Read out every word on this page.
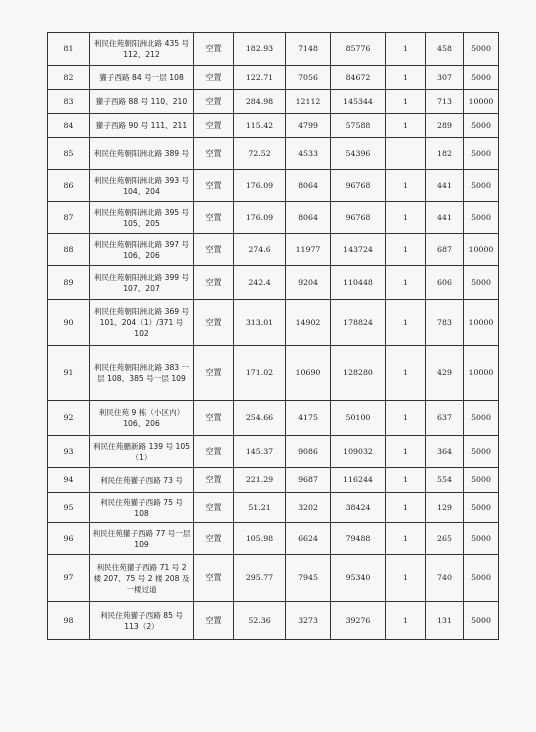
81	利民住苑朝阳洲北路 435 号 112、212	空置	182.93	7148	85776	1	458	5000
82	獾子西路 84 号一层 108	空置	122.71	7056	84672	1	307	5000
83	獾子西路 88 号 110、210	空置	284.98	12112	145344	1	713	10000
84	獾子西路 90 号 111、211	空置	115.42	4799	57588	1	289	5000
85	利民住苑朝阳洲北路 389 号	空置	72.52	4533	54396		182	5000
86	利民住苑朝阳洲北路 393 号 104、204	空置	176.09	8064	96768	1	441	5000
87	利民住苑朝阳洲北路 395 号 105、205	空置	176.09	8064	96768	1	441	5000
88	利民住苑朝阳洲北路 397 号 106、206	空置	274.6	11977	143724	1	687	10000
89	利民住苑朝阳洲北路 399 号 107、207	空置	242.4	9204	110448	1	606	5000
90	利民住苑朝阳洲北路 369 号 101、204（1）/371 号 102	空置	313.01	14902	178824	1	783	10000
91	利民住苑朝阳洲北路 383 一层 108、385 号一层 109	空置	171.02	10690	128280	1	429	10000
92	利民住苑 9 栋（小区内）106、206	空置	254.66	4175	50100	1	637	5000
93	利民住苑鹏新路 139 号 105（1）	空置	145.37	9086	109032	1	364	5000
94	利民住苑獾子西路 73 号	空置	221.29	9687	116244	1	554	5000
95	利民住苑獾子西路 75 号 108	空置	51.21	3202	38424	1	129	5000
96	利民住苑獾子西路 77 号一层 109	空置	105.98	6624	79488	1	265	5000
97	利民住苑獾子西路 71 号 2 楼 207、75 号 2 楼 208 及一楼过道	空置	295.77	7945	95340	1	740	5000
98	利民住苑獾子西路 85 号 113（2）	空置	52.36	3273	39276	1	131	5000
